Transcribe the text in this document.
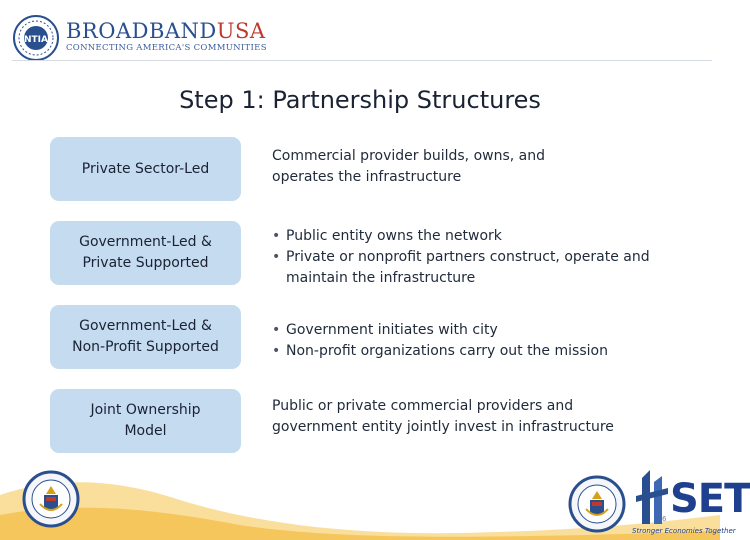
NTIA BROADBANDUSA
CONNECTING AMERICA'S COMMUNITIES
Step 1: Partnership Structures
Private Sector-Led
Commercial provider builds, owns, and
operates the infrastructure
Government-Led &
Private Supported
• Public entity owns the network
• Private or nonprofit partners construct, operate and maintain the infrastructure
Government-Led &
Non-Profit Supported
• Government initiates with city
• Non-profit organizations carry out the mission
Joint Ownership
Model
Public or private commercial providers and
government entity jointly invest in infrastructure
SET
6
Stronger Economies Together
